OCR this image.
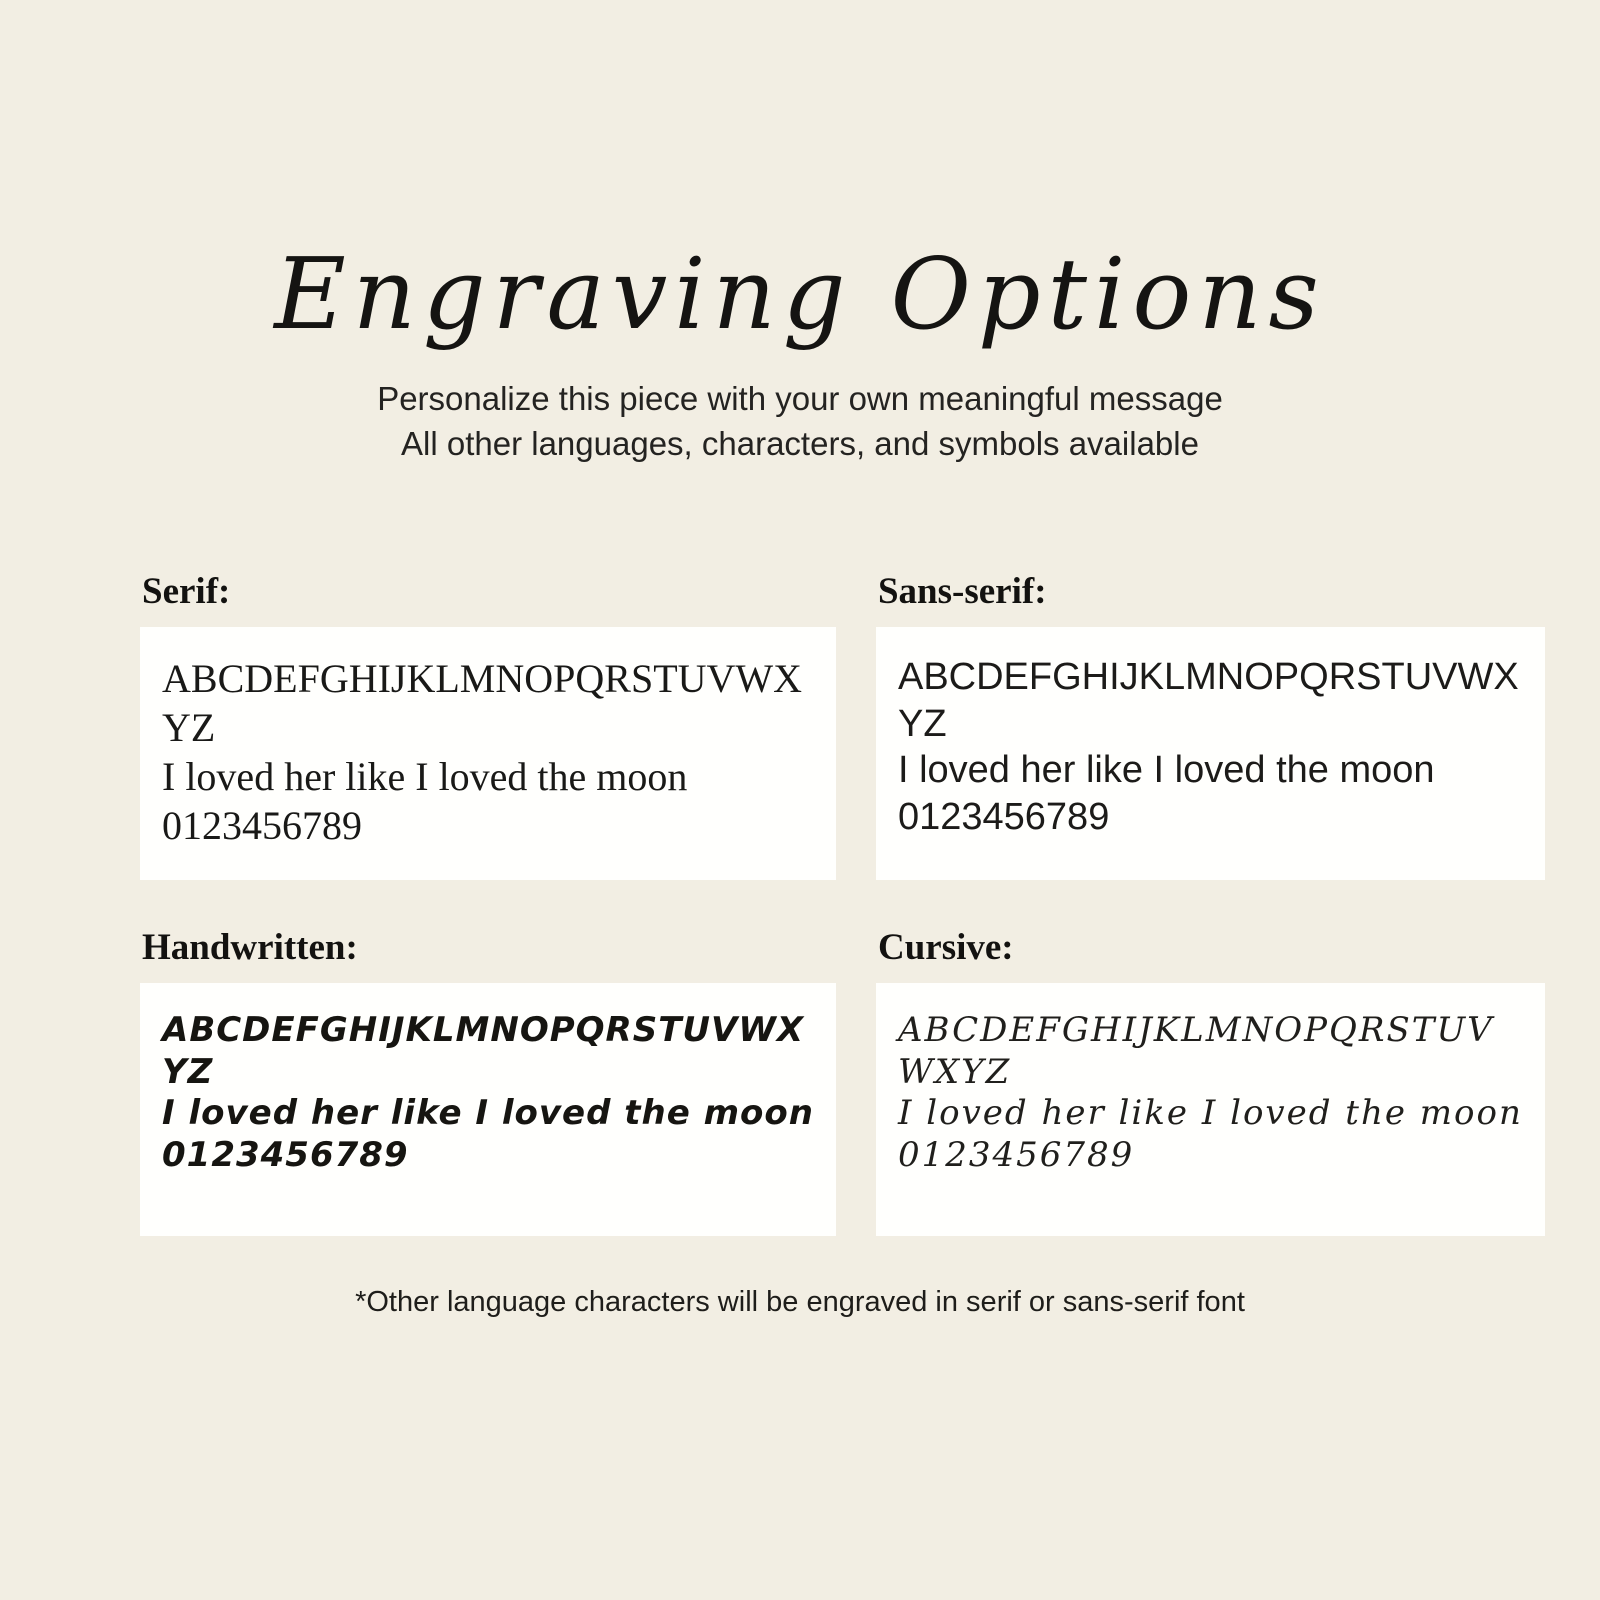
Engraving Options

Personalize this piece with your own meaningful message

All other languages, characters, and symbols available

Serif:
ABCDEFGHIJKLMNOPQRSTUVWXYZ
I loved her like I loved the moon
0123456789
Sans-serif:
ABCDEFGHIJKLMNOPQRSTUVWXYZ
I loved her like I loved the moon
0123456789
Handwritten:
ABCDEFGHIJKLMNOPQRSTUVWXYZ
I loved her like I loved the moon
0123456789
Cursive:
ABCDEFGHIJKLMNOPQRSTUVWXYZ
I loved her like I loved the moon
0123456789

*Other language characters will be engraved in serif or sans-serif font
